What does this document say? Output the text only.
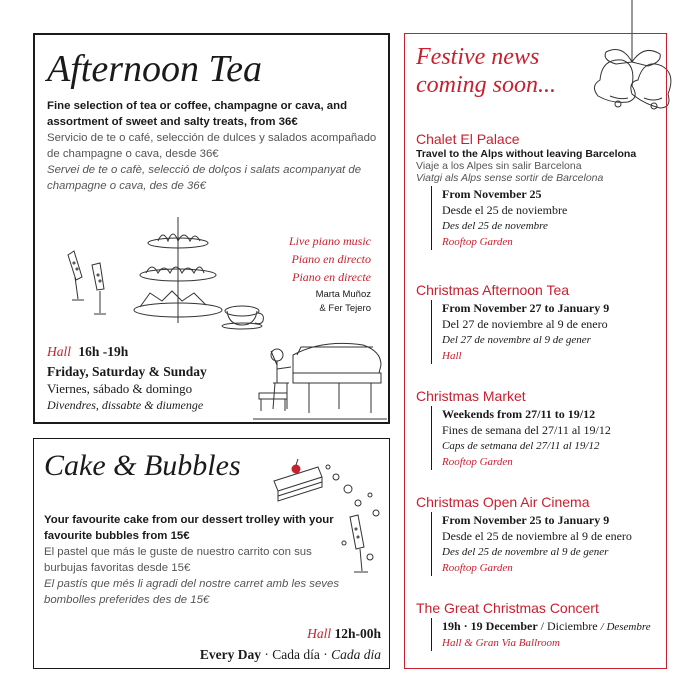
Afternoon Tea
Fine selection of tea or coffee, champagne or cava, and assortment of sweet and salty treats, from 36€
Servicio de te o café, selección de dulces y salados acompañado de champagne o cava, desde 36€
Servei de te o cafè, selecció de dolços i salats acompanyat de champagne o cava, des de 36€
Live piano music
Piano en directo
Piano en directe
Marta Muñoz
& Fer Tejero
Hall 16h -19h
Friday, Saturday & Sunday
Viernes, sábado & domingo
Divendres, dissabte & diumenge
Cake & Bubbles
Your favourite cake from our dessert trolley with your favourite bubbles from 15€
El pastel que más le guste de nuestro carrito con sus burbujas favoritas desde 15€
El pastís que més li agradi del nostre carret amb les seves bombolles preferides des de 15€
Hall 12h-00h
Every Day · Cada día · Cada dia
Festive news
coming soon...
Chalet El Palace
Travel to the Alps without leaving Barcelona
Viaje a los Alpes sin salir Barcelona
Viatgi als Alps sense sortir de Barcelona
From November 25
Desde el 25 de noviembre
Des del 25 de novembre
Rooftop Garden
Christmas Afternoon Tea
From November 27 to January 9
Del 27 de noviembre al 9 de enero
Del 27 de novembre al 9 de gener
Hall
Christmas Market
Weekends from 27/11 to 19/12
Fines de semana del 27/11 al 19/12
Caps de setmana del 27/11 al 19/12
Rooftop Garden
Christmas Open Air Cinema
From November 25 to January 9
Desde el 25 de noviembre al 9 de enero
Des del 25 de novembre al 9 de gener
Rooftop Garden
The Great Christmas Concert
19h · 19 December / Diciembre / Desembre
Hall & Gran Via Ballroom
